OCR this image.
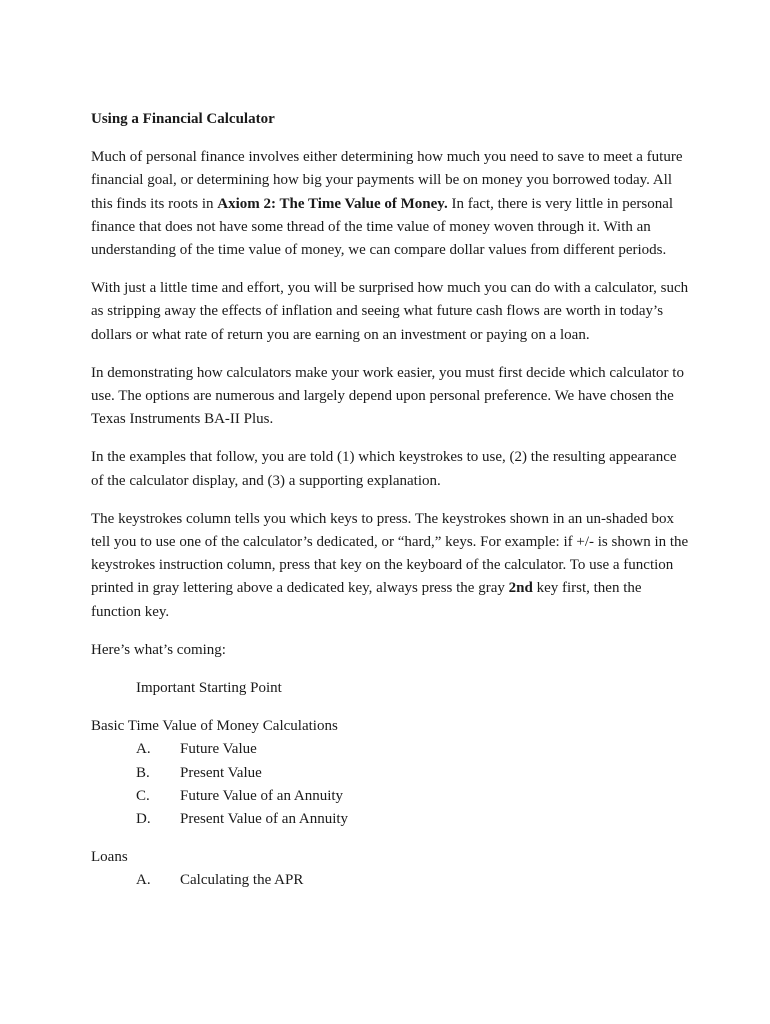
Using a Financial Calculator

Much of personal finance involves either determining how much you need to save to meet a future financial goal, or determining how big your payments will be on money you borrowed today. All this finds its roots in Axiom 2: The Time Value of Money. In fact, there is very little in personal finance that does not have some thread of the time value of money woven through it. With an understanding of the time value of money, we can compare dollar values from different periods.

With just a little time and effort, you will be surprised how much you can do with a calculator, such as stripping away the effects of inflation and seeing what future cash flows are worth in today’s dollars or what rate of return you are earning on an investment or paying on a loan.

In demonstrating how calculators make your work easier, you must first decide which calculator to use. The options are numerous and largely depend upon personal preference. We have chosen the Texas Instruments BA-II Plus.

In the examples that follow, you are told (1) which keystrokes to use, (2) the resulting appearance of the calculator display, and (3) a supporting explanation.

The keystrokes column tells you which keys to press. The keystrokes shown in an un-shaded box tell you to use one of the calculator’s dedicated, or “hard,” keys. For example: if +/- is shown in the keystrokes instruction column, press that key on the keyboard of the calculator. To use a function printed in gray lettering above a dedicated key, always press the gray 2nd key first, then the function key.

Here’s what’s coming:

Important Starting Point
Basic Time Value of Money Calculations
A.	Future Value
B.	Present Value
C.	Future Value of an Annuity
D.	Present Value of an Annuity
Loans
A.	Calculating the APR
